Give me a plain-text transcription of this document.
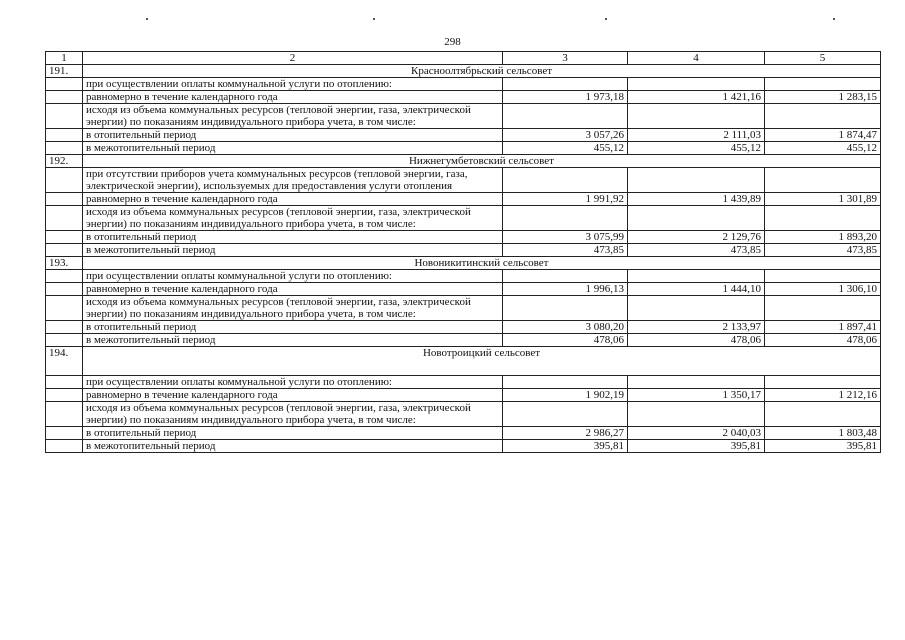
298
1	2	3	4	5
191.	Красноолтябрьский сельсовет			
	при осуществлении оплаты коммунальной услуги по отоплению:			
	равномерно в течение календарного года	1 973,18	1 421,16	1 283,15
	исходя из объема коммунальных ресурсов (тепловой энергии, газа, электрической энергии) по показаниям индивидуального прибора учета, в том числе:			
	в отопительный период	3 057,26	2 111,03	1 874,47
	в межотопительный период	455,12	455,12	455,12
192.	Нижнегумбетовский сельсовет			
	при отсутствии приборов учета коммунальных ресурсов (тепловой энергии, газа, электрической энергии), используемых для предоставления услуги отопления			
	равномерно в течение календарного года	1 991,92	1 439,89	1 301,89
	исходя из объема коммунальных ресурсов (тепловой энергии, газа, электрической энергии) по показаниям индивидуального прибора учета, в том числе:			
	в отопительный период	3 075,99	2 129,76	1 893,20
	в межотопительный период	473,85	473,85	473,85
193.	Новоникитинский сельсовет			
	при осуществлении оплаты коммунальной услуги по отоплению:			
	равномерно в течение календарного года	1 996,13	1 444,10	1 306,10
	исходя из объема коммунальных ресурсов (тепловой энергии, газа, электрической энергии) по показаниям индивидуального прибора учета, в том числе:			
	в отопительный период	3 080,20	2 133,97	1 897,41
	в межотопительный период	478,06	478,06	478,06
194.	Новотроицкий сельсовет			
	при осуществлении оплаты коммунальной услуги по отоплению:			
	равномерно в течение календарного года	1 902,19	1 350,17	1 212,16
	исходя из объема коммунальных ресурсов (тепловой энергии, газа, электрической энергии) по показаниям индивидуального прибора учета, в том числе:			
	в отопительный период	2 986,27	2 040,03	1 803,48
	в межотопительный период	395,81	395,81	395,81
